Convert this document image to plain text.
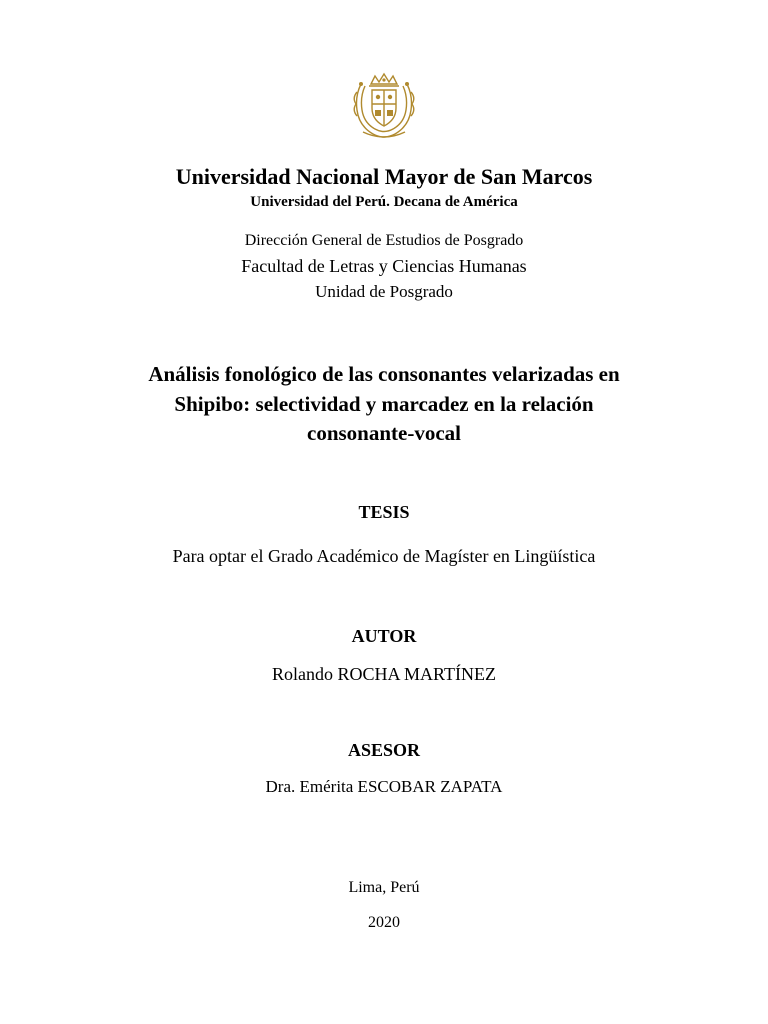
Universidad Nacional Mayor de San Marcos
Universidad del Perú. Decana de América
Dirección General de Estudios de Posgrado
Facultad de Letras y Ciencias Humanas
Unidad de Posgrado
Análisis fonológico de las consonantes velarizadas en
Shipibo: selectividad y marcadez en la relación
consonante-vocal
TESIS
Para optar el Grado Académico de Magíster en Lingüística
AUTOR
Rolando ROCHA MARTÍNEZ
ASESOR
Dra. Emérita ESCOBAR ZAPATA
Lima, Perú
2020
